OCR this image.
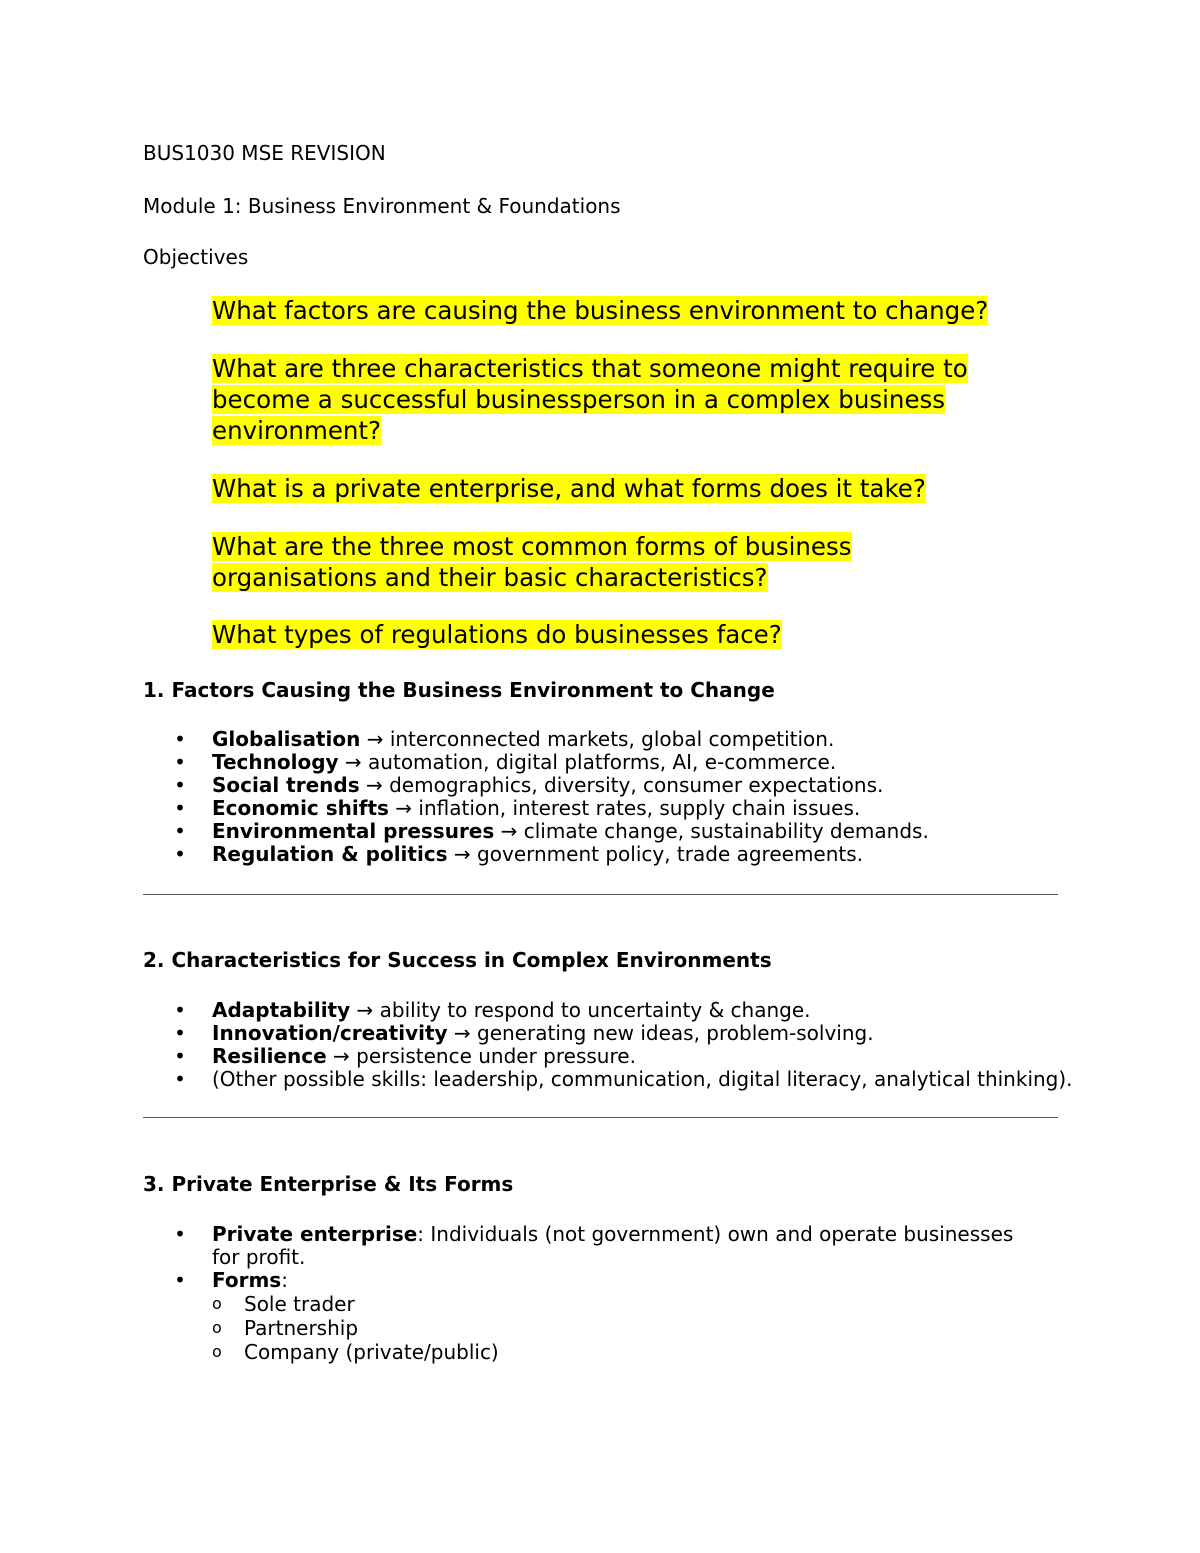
BUS1030 MSE REVISION

Module 1: Business Environment & Foundations

Objectives

What factors are causing the business environment to change?
What are three characteristics that someone might require to
become a successful businessperson in a complex business
environment?
What is a private enterprise, and what forms does it take?
What are the three most common forms of business
organisations and their basic characteristics?
What types of regulations do businesses face?

1. Factors Causing the Business Environment to Change

• Globalisation → interconnected markets, global competition.
• Technology → automation, digital platforms, AI, e-commerce.
• Social trends → demographics, diversity, consumer expectations.
• Economic shifts → inflation, interest rates, supply chain issues.
• Environmental pressures → climate change, sustainability demands.
• Regulation & politics → government policy, trade agreements.

2. Characteristics for Success in Complex Environments

• Adaptability → ability to respond to uncertainty & change.
• Innovation/creativity → generating new ideas, problem-solving.
• Resilience → persistence under pressure.
• (Other possible skills: leadership, communication, digital literacy, analytical thinking).

3. Private Enterprise & Its Forms

• Private enterprise: Individuals (not government) own and operate businesses for profit.
• Forms:
o Sole trader
o Partnership
o Company (private/public)
